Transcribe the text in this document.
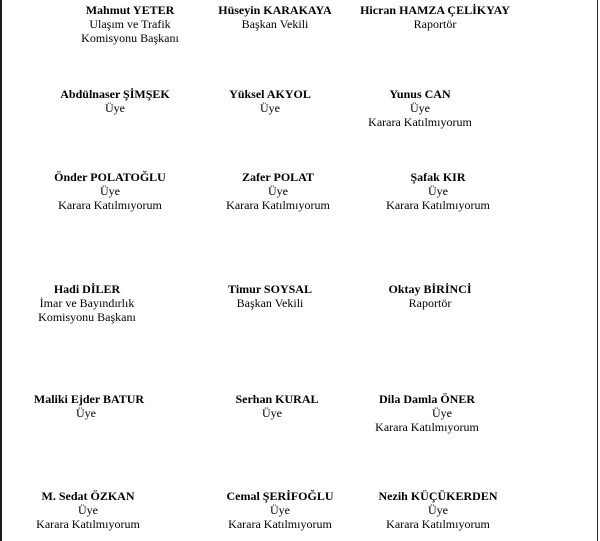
Mahmut YETER
Ulaşım ve Trafik
Komisyonu Başkanı
Hüseyin KARAKAYA
Başkan Vekili
Hicran HAMZA ÇELİKYAY
Raportör
Abdülnaser ŞİMŞEK
Üye
Yüksel AKYOL
Üye
Yunus CAN
Üye
Karara Katılmıyorum
Önder POLATOĞLU
Üye
Karara Katılmıyorum
Zafer POLAT
Üye
Karara Katılmıyorum
Şafak KIR
Üye
Karara Katılmıyorum
Hadi DİLER
İmar ve Bayındırlık
Komisyonu Başkanı
Timur SOYSAL
Başkan Vekili
Oktay BİRİNCİ
Raportör
Maliki Ejder BATUR
Üye
Serhan KURAL
Üye
Dila Damla ÖNER
Üye
Karara Katılmıyorum
M. Sedat ÖZKAN
Üye
Karara Katılmıyorum
Cemal ŞERİFOĞLU
Üye
Karara Katılmıyorum
Nezih KÜÇÜKERDEN
Üye
Karara Katılmıyorum
